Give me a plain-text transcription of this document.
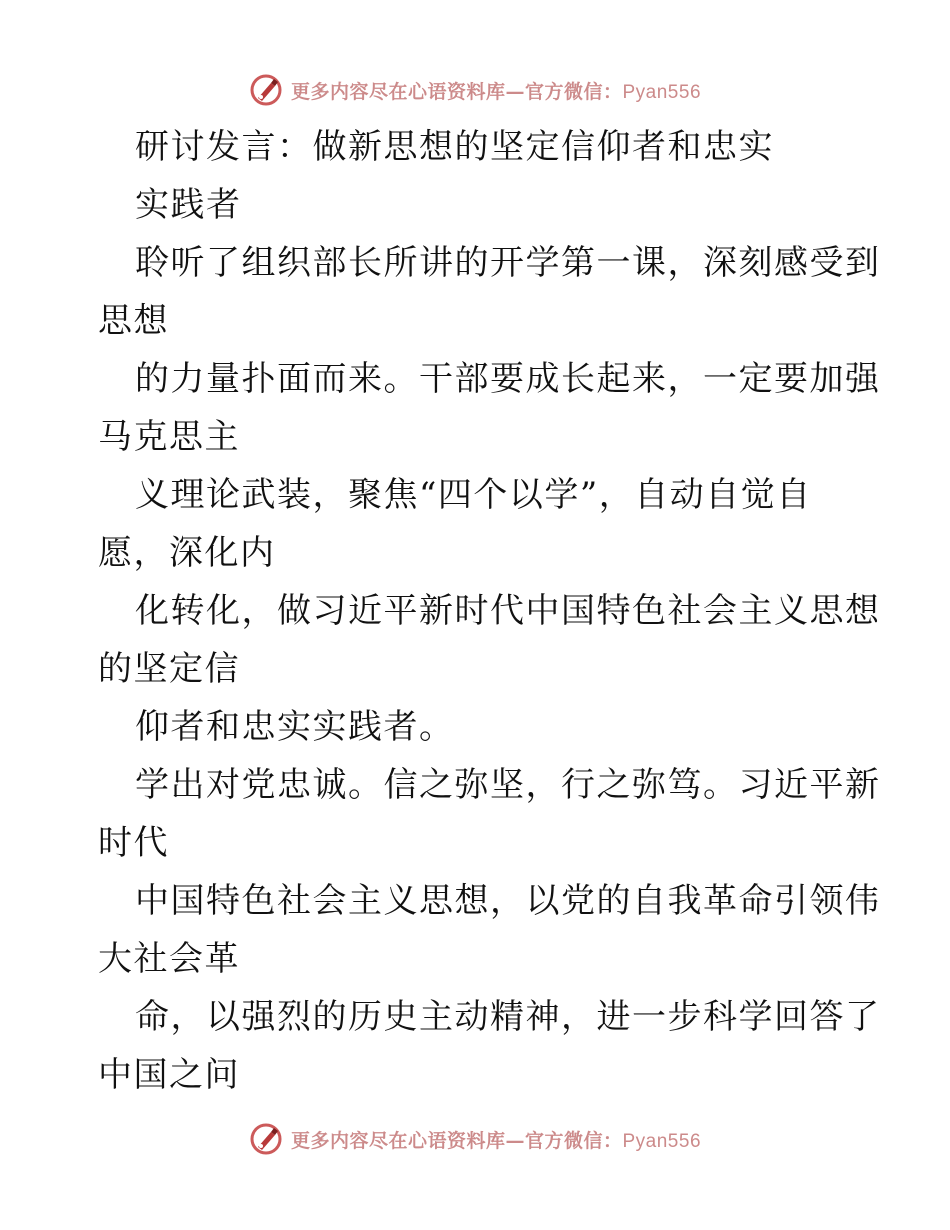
更多内容尽在心语资料库 — 官方微信： Pyan556
研讨发言：做新思想的坚定信仰者和忠实
实践者
聆听了组织部长所讲的开学第一课，深刻感受到
思想
的力量扑面而来。干部要成长起来，一定要加强
马克思主
义理论武装，聚焦“四个以学”，自动自觉自
愿，深化内
化转化，做习近平新时代中国特色社会主义思想
的坚定信
仰者和忠实实践者。
学出对党忠诚。信之弥坚，行之弥笃。习近平新
时代
中国特色社会主义思想，以党的自我革命引领伟
大社会革
命，以强烈的历史主动精神，进一步科学回答了
中国之问
更多内容尽在心语资料库 — 官方微信： Pyan556
